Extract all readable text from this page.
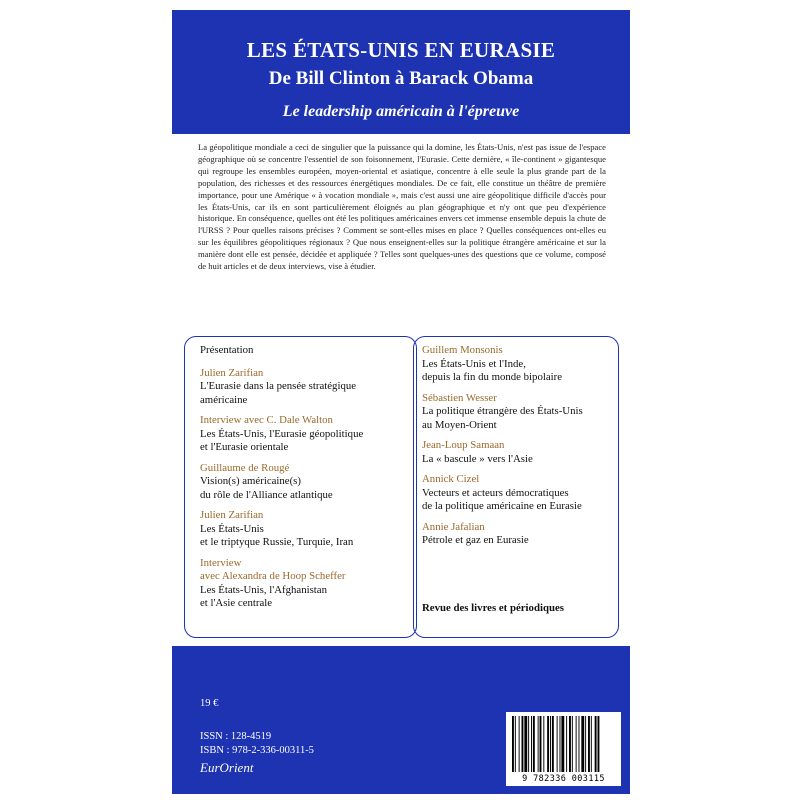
LES ÉTATS-UNIS EN EURASIE
De Bill Clinton à Barack Obama
Le leadership américain à l'épreuve
La géopolitique mondiale a ceci de singulier que la puissance qui la domine, les États-Unis, n'est pas issue de l'espace géographique où se concentre l'essentiel de son foisonnement, l'Eurasie. Cette dernière, « île-continent » gigantesque qui regroupe les ensembles européen, moyen-oriental et asiatique, concentre à elle seule la plus grande part de la population, des richesses et des ressources énergétiques mondiales. De ce fait, elle constitue un théâtre de première importance, pour une Amérique « à vocation mondiale », mais c'est aussi une aire géopolitique difficile d'accès pour les États-Unis, car ils en sont particulièrement éloignés au plan géographique et n'y ont que peu d'expérience historique. En conséquence, quelles ont été les politiques américaines envers cet immense ensemble depuis la chute de l'URSS ? Pour quelles raisons précises ? Comment se sont-elles mises en place ? Quelles conséquences ont-elles eu sur les équilibres géopolitiques régionaux ? Que nous enseignent-elles sur la politique étrangère américaine et sur la manière dont elle est pensée, décidée et appliquée ? Telles sont quelques-unes des questions que ce volume, composé de huit articles et de deux interviews, vise à étudier.
Présentation
Julien Zarifian
L'Eurasie dans la pensée stratégique
américaine
Interview avec C. Dale Walton
Les États-Unis, l'Eurasie géopolitique
et l'Eurasie orientale
Guillaume de Rougé
Vision(s) américaine(s)
du rôle de l'Alliance atlantique
Julien Zarifian
Les États-Unis
et le triptyque Russie, Turquie, Iran
Interview
avec Alexandra de Hoop Scheffer
Les États-Unis, l'Afghanistan
et l'Asie centrale
Guillem Monsonis
Les États-Unis et l'Inde,
depuis la fin du monde bipolaire
Sébastien Wesser
La politique étrangère des États-Unis
au Moyen-Orient
Jean-Loup Samaan
La « bascule » vers l'Asie
Annick Cizel
Vecteurs et acteurs démocratiques
de la politique américaine en Eurasie
Annie Jafalian
Pétrole et gaz en Eurasie
Revue des livres et périodiques
19 €
ISSN : 128-4519
ISBN : 978-2-336-00311-5
EurOrient
9 782336 003115
